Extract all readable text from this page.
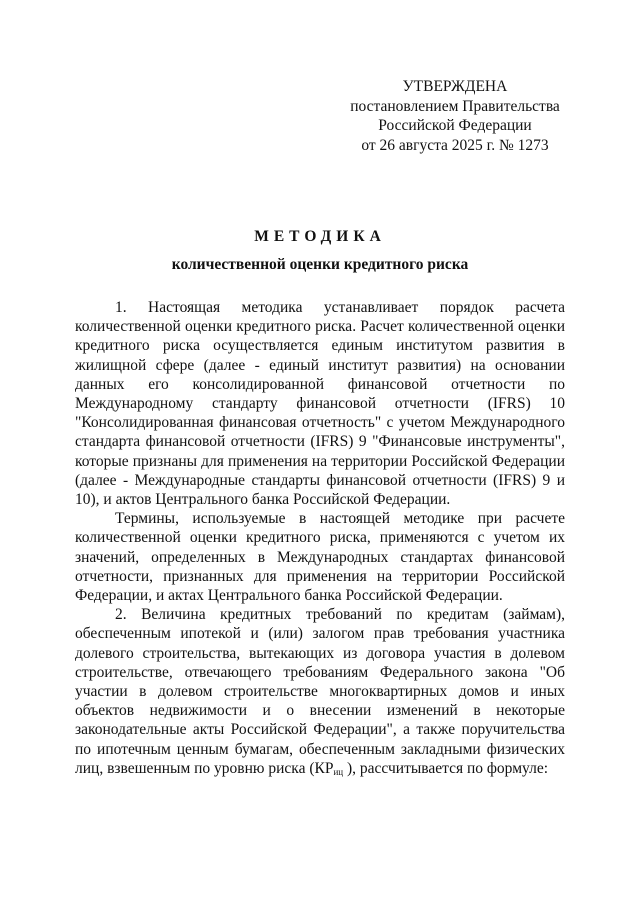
УТВЕРЖДЕНА
постановлением Правительства
Российской Федерации
от 26 августа 2025 г. № 1273
МЕТОДИКА
количественной оценки кредитного риска

1. Настоящая методика устанавливает порядок расчета количественной оценки кредитного риска. Расчет количественной оценки кредитного риска осуществляется единым институтом развития в жилищной сфере (далее - единый институт развития) на основании данных его консолидированной финансовой отчетности по Международному стандарту финансовой отчетности (IFRS) 10 "Консолидированная финансовая отчетность" с учетом Международного стандарта финансовой отчетности (IFRS) 9 "Финансовые инструменты", которые признаны для применения на территории Российской Федерации (далее - Международные стандарты финансовой отчетности (IFRS) 9 и 10), и актов Центрального банка Российской Федерации.

Термины, используемые в настоящей методике при расчете количественной оценки кредитного риска, применяются с учетом их значений, определенных в Международных стандартах финансовой отчетности, признанных для применения на территории Российской Федерации, и актах Центрального банка Российской Федерации.

2. Величина кредитных требований по кредитам (займам), обеспеченным ипотекой и (или) залогом прав требования участника долевого строительства, вытекающих из договора участия в долевом строительстве, отвечающего требованиям Федерального закона "Об участии в долевом строительстве многоквартирных домов и иных объектов недвижимости и о внесении изменений в некоторые законодательные акты Российской Федерации", а также поручительства по ипотечным ценным бумагам, обеспеченным закладными физических лиц, взвешенным по уровню риска ($КР_{иц}$ ), рассчитывается по формуле:
